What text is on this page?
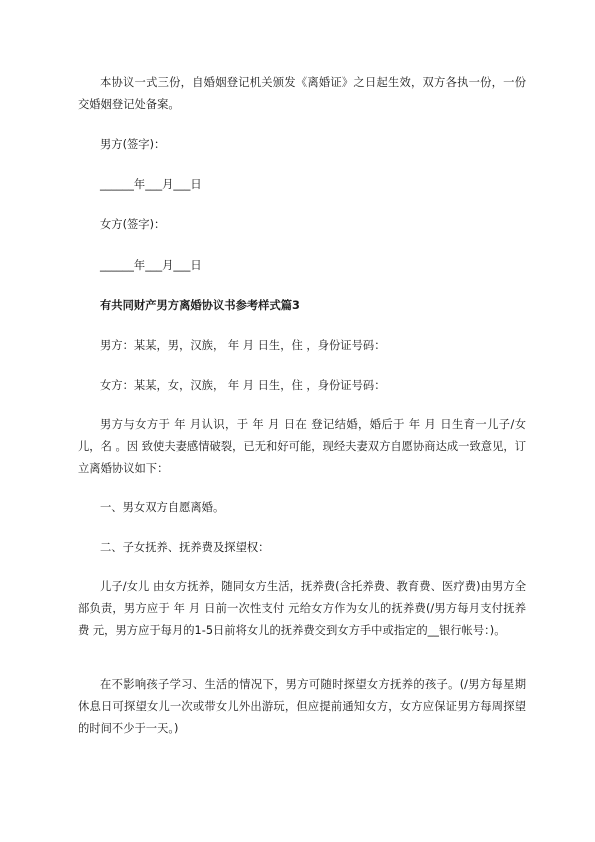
本协议一式三份，自婚姻登记机关颁发《离婚证》之日起生效，双方各执一份，一份交婚姻登记处备案。

男方(签字)：

______年___月___日

女方(签字)：

______年___月___日

有共同财产男方离婚协议书参考样式篇3

男方：某某，男，汉族， 年 月 日生，住 ，身份证号码：

女方：某某，女，汉族， 年 月 日生，住 ，身份证号码：

男方与女方于 年 月认识，于 年 月 日在 登记结婚，婚后于 年 月 日生育一儿子/女儿，名 。因 致使夫妻感情破裂，已无和好可能，现经夫妻双方自愿协商达成一致意见，订立离婚协议如下：

一、男女双方自愿离婚。

二、子女抚养、抚养费及探望权：

儿子/女儿 由女方抚养，随同女方生活，抚养费(含托养费、教育费、医疗费)由男方全部负责，男方应于 年 月 日前一次性支付 元给女方作为女儿的抚养费(/男方每月支付抚养费 元，男方应于每月的1-5日前将女儿的抚养费交到女方手中或指定的__银行帐号：)。

在不影响孩子学习、生活的情况下，男方可随时探望女方抚养的孩子。(/男方每星期休息日可探望女儿一次或带女儿外出游玩，但应提前通知女方，女方应保证男方每周探望的时间不少于一天。)
